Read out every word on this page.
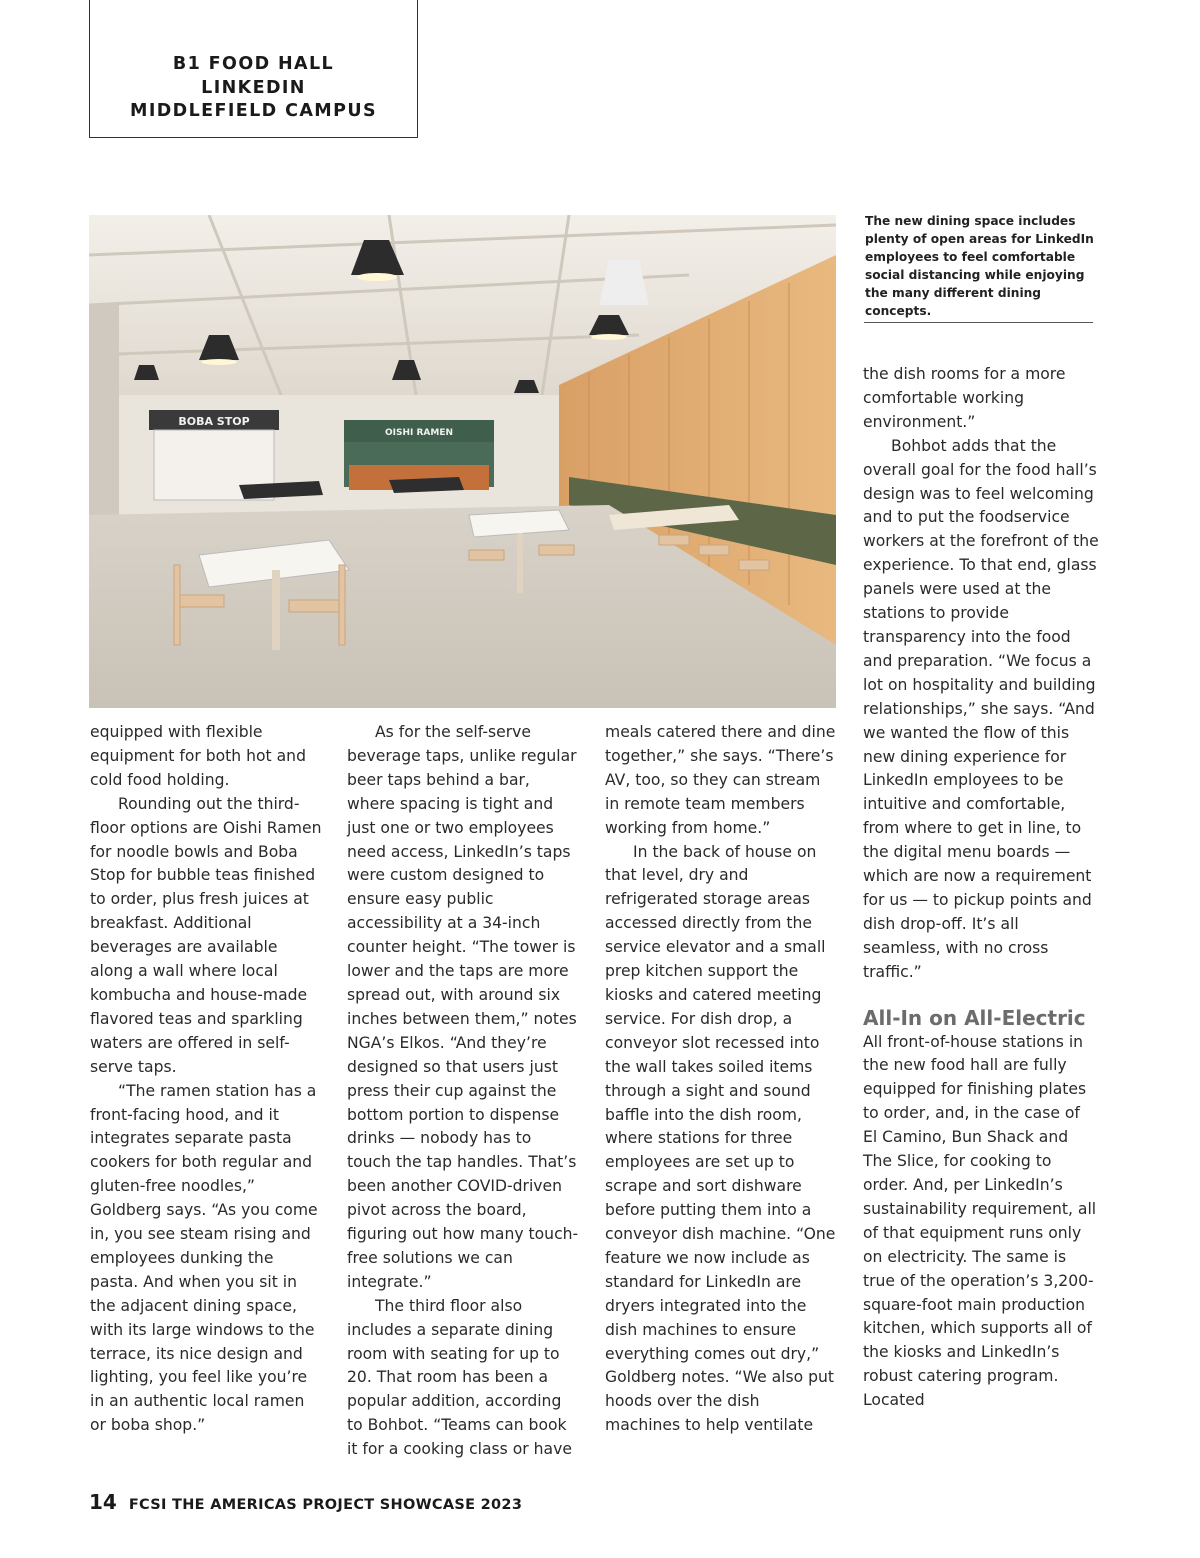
B1 FOOD HALL
LINKEDIN
MIDDLEFIELD CAMPUS
BOBA STOP
OISHI RAMEN
The new dining space includes plenty of open areas for LinkedIn employees to feel comfortable social distancing while enjoying the many different dining concepts.

equipped with flexible equipment for both hot and cold food holding.

Rounding out the third-floor options are Oishi Ramen for noodle bowls and Boba Stop for bubble teas finished to order, plus fresh juices at breakfast. Additional beverages are available along a wall where local kombucha and house-made flavored teas and sparkling waters are offered in self-serve taps.

“The ramen station has a front-facing hood, and it integrates separate pasta cookers for both regular and gluten-free noodles,” Goldberg says. “As you come in, you see steam rising and employees dunking the pasta. And when you sit in the adjacent dining space, with its large windows to the terrace, its nice design and lighting, you feel like you’re in an authentic local ramen or boba shop.”

As for the self-serve beverage taps, unlike regular beer taps behind a bar, where spacing is tight and just one or two employees need access, LinkedIn’s taps were custom designed to ensure easy public accessibility at a 34-inch counter height. “The tower is lower and the taps are more spread out, with around six inches between them,” notes NGA’s Elkos. “And they’re designed so that users just press their cup against the bottom portion to dispense drinks — nobody has to touch the tap handles. That’s been another COVID-driven pivot across the board, figuring out how many touch-free solutions we can integrate.”

The third floor also includes a separate dining room with seating for up to 20. That room has been a popular addition, according to Bohbot. “Teams can book it for a cooking class or have

meals catered there and dine together,” she says. “There’s AV, too, so they can stream in remote team members working from home.”

In the back of house on that level, dry and refrigerated storage areas accessed directly from the service elevator and a small prep kitchen support the kiosks and catered meeting service. For dish drop, a conveyor slot recessed into the wall takes soiled items through a sight and sound baffle into the dish room, where stations for three employees are set up to scrape and sort dishware before putting them into a conveyor dish machine. “One feature we now include as standard for LinkedIn are dryers integrated into the dish machines to ensure everything comes out dry,” Goldberg notes. “We also put hoods over the dish machines to help ventilate

the dish rooms for a more comfortable working environment.”

Bohbot adds that the overall goal for the food hall’s design was to feel welcoming and to put the foodservice workers at the forefront of the experience. To that end, glass panels were used at the stations to provide transparency into the food and preparation. “We focus a lot on hospitality and building relationships,” she says. “And we wanted the flow of this new dining experience for LinkedIn employees to be intuitive and comfortable, from where to get in line, to the digital menu boards — which are now a requirement for us — to pickup points and dish drop-off. It’s all seamless, with no cross traffic.”

All-In on All-Electric

All front-of-house stations in the new food hall are fully equipped for finishing plates to order, and, in the case of El Camino, Bun Shack and The Slice, for cooking to order. And, per LinkedIn’s sustainability requirement, all of that equipment runs only on electricity. The same is true of the operation’s 3,200-square-foot main production kitchen, which supports all of the kiosks and LinkedIn’s robust catering program. Located

14 FCSI THE AMERICAS PROJECT SHOWCASE 2023
